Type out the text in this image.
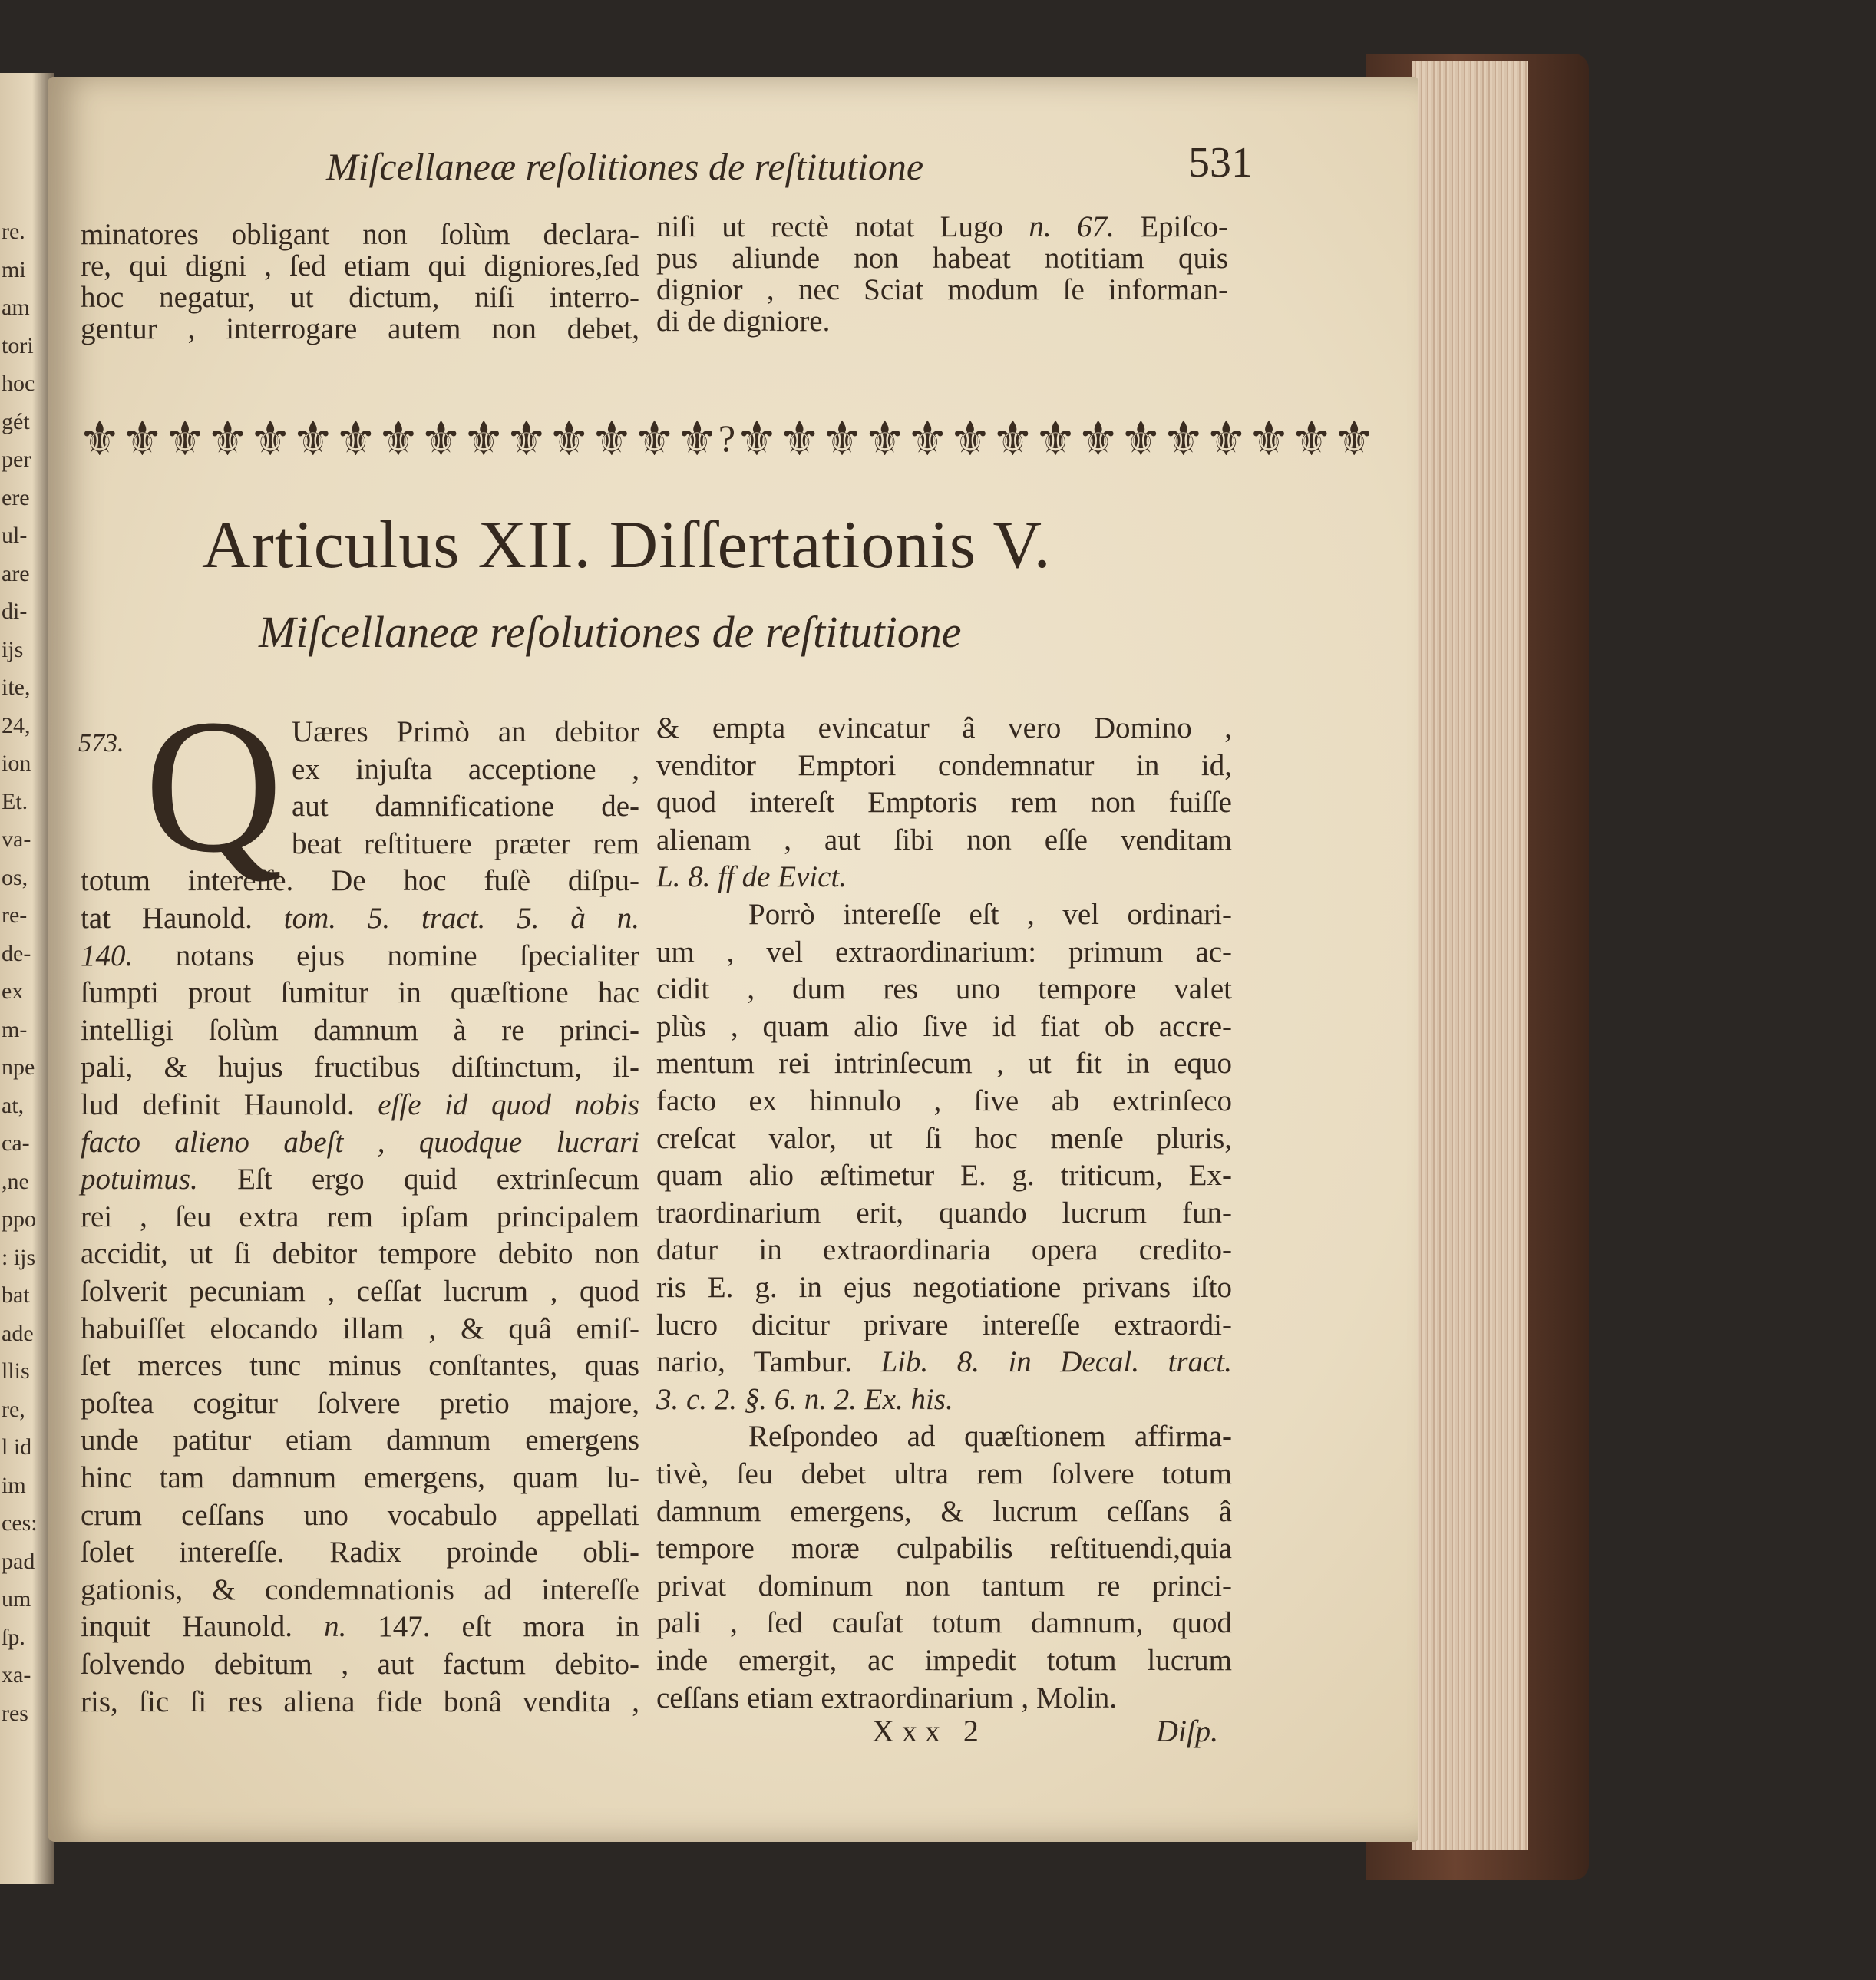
Miſcellaneæ reſolitiones de reſtitutione	531
⚜ ⚜ ⚜ ⚜ ⚜ ⚜ ⚜ ⚜ ⚜ ⚜ ⚜ ⚜ ⚜ ⚜ ⚜ ? ⚜ ⚜ ⚜ ⚜ ⚜ ⚜ ⚜ ⚜ ⚜ ⚜ ⚜ ⚜ ⚜ ⚜ ⚜
Articulus XII. Diſſertationis V.
Miſcellaneæ reſolutiones de reſtitutione
573. Q
Xxx 2	Diſp.
minatores obligant non ſolùm declara-
re, qui digni , ſed etiam qui digniores,ſed
hoc negatur, ut dictum, niſi interro-
gentur , interrogare autem non debet,
niſi ut rectè notat Lugo n. 67. Epiſco-
pus aliunde non habeat notitiam quis
dignior , nec Sciat modum ſe informan-
di de digniore.
Uæres Primò an debitor
ex injuſta acceptione ,
aut damnificatione de-
beat reſtituere præter rem
totum intereſſe. De hoc fuſè diſpu-
tat Haunold. tom. 5. tract. 5. à n.
140. notans ejus nomine ſpecialiter
ſumpti prout ſumitur in quæſtione hac
intelligi ſolùm damnum à re princi-
pali, & hujus fructibus diſtinctum, il-
lud definit Haunold. eſſe id quod nobis
facto alieno abeſt , quodque lucrari
potuimus. Eſt ergo quid extrinſecum
rei , ſeu extra rem ipſam principalem
accidit, ut ſi debitor tempore debito non
ſolverit pecuniam , ceſſat lucrum , quod
habuiſſet elocando illam , & quâ emiſ-
ſet merces tunc minus conſtantes, quas
poſtea cogitur ſolvere pretio majore,
unde patitur etiam damnum emergens
hinc tam damnum emergens, quam lu-
crum ceſſans uno vocabulo appellati
ſolet intereſſe. Radix proinde obli-
gationis, & condemnationis ad intereſſe
inquit Haunold. n. 147. eſt mora in
ſolvendo debitum , aut factum debito-
ris, ſic ſi res aliena fide bonâ vendita ,
& empta evincatur â vero Domino ,
venditor Emptori condemnatur in id,
quod intereſt Emptoris rem non fuiſſe
alienam , aut ſibi non eſſe venditam
L. 8. ff de Evict.
Porrò intereſſe eſt , vel ordinari-
um , vel extraordinarium: primum ac-
cidit , dum res uno tempore valet
plùs , quam alio ſive id fiat ob accre-
mentum rei intrinſecum , ut fit in equo
facto ex hinnulo , ſive ab extrinſeco
creſcat valor, ut ſi hoc menſe pluris,
quam alio æſtimetur E. g. triticum, Ex-
traordinarium erit, quando lucrum fun-
datur in extraordinaria opera credito-
ris E. g. in ejus negotiatione privans iſto
lucro dicitur privare intereſſe extraordi-
nario, Tambur. Lib. 8. in Decal. tract.
3. c. 2. §. 6. n. 2. Ex. his.
Reſpondeo ad quæſtionem affirma-
tivè, ſeu debet ultra rem ſolvere totum
damnum emergens, & lucrum ceſſans â
tempore moræ culpabilis reſtituendi,quia
privat dominum non tantum re princi-
pali , ſed cauſat totum damnum, quod
inde emergit, ac impedit totum lucrum
ceſſans etiam extraordinarium , Molin.
re.
mi
am
tori
hoc
gét
per
ere
ul-
are
di-
ijs
ite,
24,
ion
Et.
va-
os,
re-
de-
ex
m-
npe
at,
ca-
,ne
ppo
: ijs
bat
ade
llis
re,
l id
im
ces:
pad
um
ſp.
xa-
res
